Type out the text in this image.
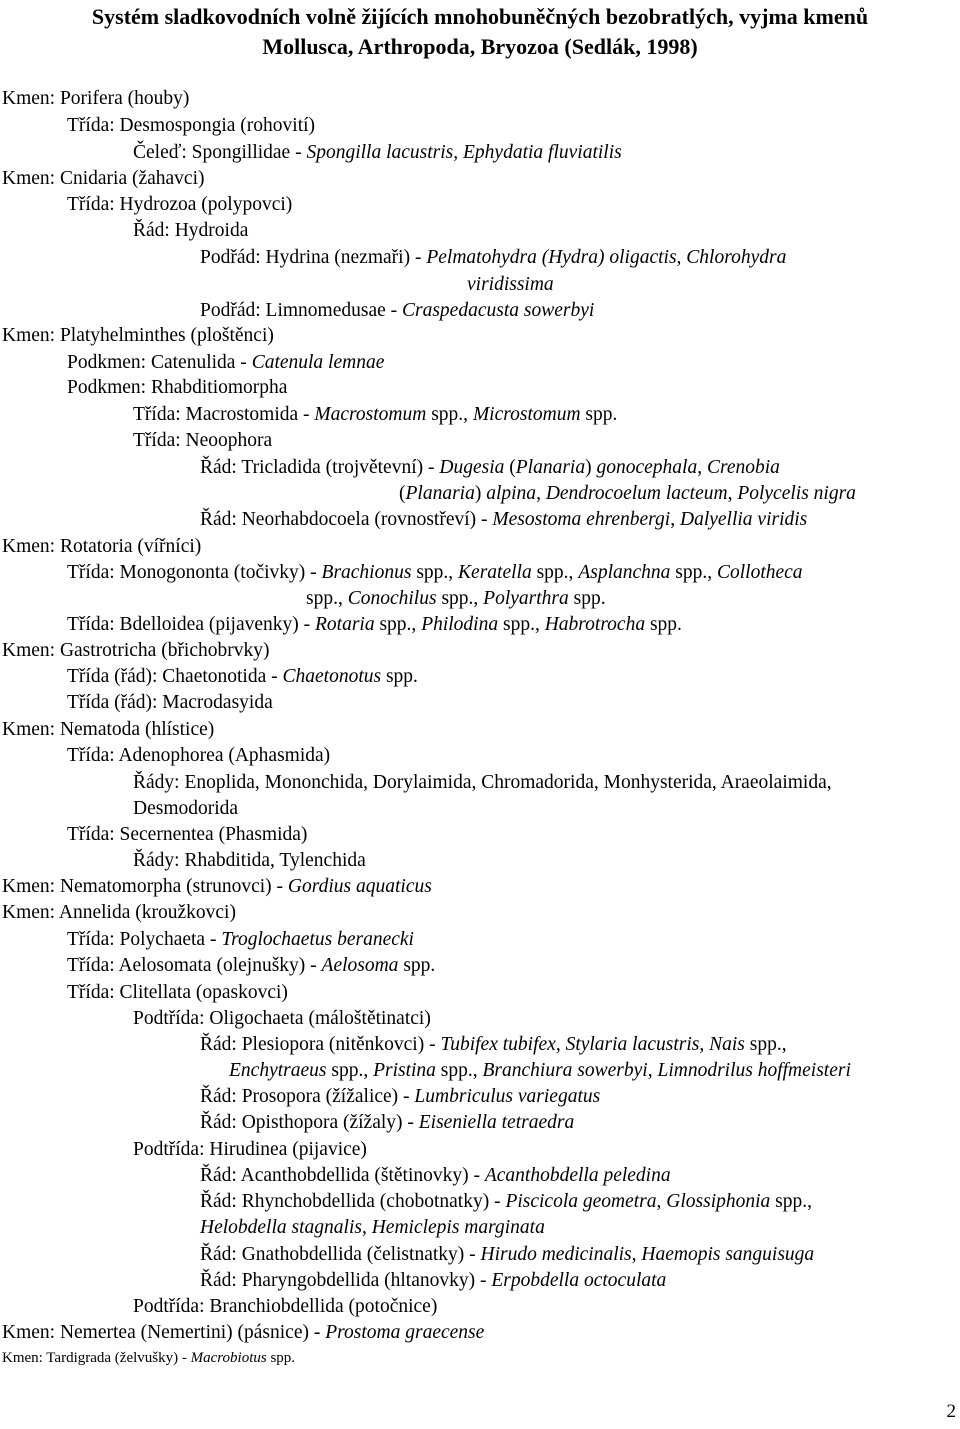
Systém sladkovodních volně žijících mnohobuněčných bezobratlých, vyjma kmenů
Mollusca, Arthropoda, Bryozoa (Sedlák, 1998)
Kmen: Porifera (houby)
Třída: Desmospongia (rohovití)
Čeleď: Spongillidae - Spongilla lacustris, Ephydatia fluviatilis
Kmen: Cnidaria (žahavci)
Třída: Hydrozoa (polypovci)
Řád: Hydroida
Podřád: Hydrina (nezmaři) - Pelmatohydra (Hydra) oligactis, Chlorohydra
viridissima
Podřád: Limnomedusae - Craspedacusta sowerbyi
Kmen: Platyhelminthes (ploštěnci)
Podkmen: Catenulida - Catenula lemnae
Podkmen: Rhabditiomorpha
Třída: Macrostomida - Macrostomum spp., Microstomum spp.
Třída: Neoophora
Řád: Tricladida (trojvětevní) - Dugesia (Planaria) gonocephala, Crenobia
(Planaria) alpina, Dendrocoelum lacteum, Polycelis nigra
Řád: Neorhabdocoela (rovnostřeví) - Mesostoma ehrenbergi, Dalyellia viridis
Kmen: Rotatoria (vířníci)
Třída: Monogononta (točivky) - Brachionus spp., Keratella spp., Asplanchna spp., Collotheca
spp., Conochilus spp., Polyarthra spp.
Třída: Bdelloidea (pijavenky) - Rotaria spp., Philodina spp., Habrotrocha spp.
Kmen: Gastrotricha (břichobrvky)
Třída (řád): Chaetonotida - Chaetonotus spp.
Třída (řád): Macrodasyida
Kmen: Nematoda (hlístice)
Třída: Adenophorea (Aphasmida)
Řády: Enoplida, Mononchida, Dorylaimida, Chromadorida, Monhysterida, Araeolaimida,
Desmodorida
Třída: Secernentea (Phasmida)
Řády: Rhabditida, Tylenchida
Kmen: Nematomorpha (strunovci) - Gordius aquaticus
Kmen: Annelida (kroužkovci)
Třída: Polychaeta - Troglochaetus beranecki
Třída: Aelosomata (olejnušky) - Aelosoma spp.
Třída: Clitellata (opaskovci)
Podtřída: Oligochaeta (máloštětinatci)
Řád: Plesiopora (nitěnkovci) - Tubifex tubifex, Stylaria lacustris, Nais spp.,
Enchytraeus spp., Pristina spp., Branchiura sowerbyi, Limnodrilus hoffmeisteri
Řád: Prosopora (žížalice) - Lumbriculus variegatus
Řád: Opisthopora (žížaly) - Eiseniella tetraedra
Podtřída: Hirudinea (pijavice)
Řád: Acanthobdellida (štětinovky) - Acanthobdella peledina
Řád: Rhynchobdellida (chobotnatky) - Piscicola geometra, Glossiphonia spp.,
Helobdella stagnalis, Hemiclepis marginata
Řád: Gnathobdellida (čelistnatky) - Hirudo medicinalis, Haemopis sanguisuga
Řád: Pharyngobdellida (hltanovky) - Erpobdella octoculata
Podtřída: Branchiobdellida (potočnice)
Kmen: Nemertea (Nemertini) (pásnice) - Prostoma graecense
Kmen: Tardigrada (želvušky) - Macrobiotus spp.
2
